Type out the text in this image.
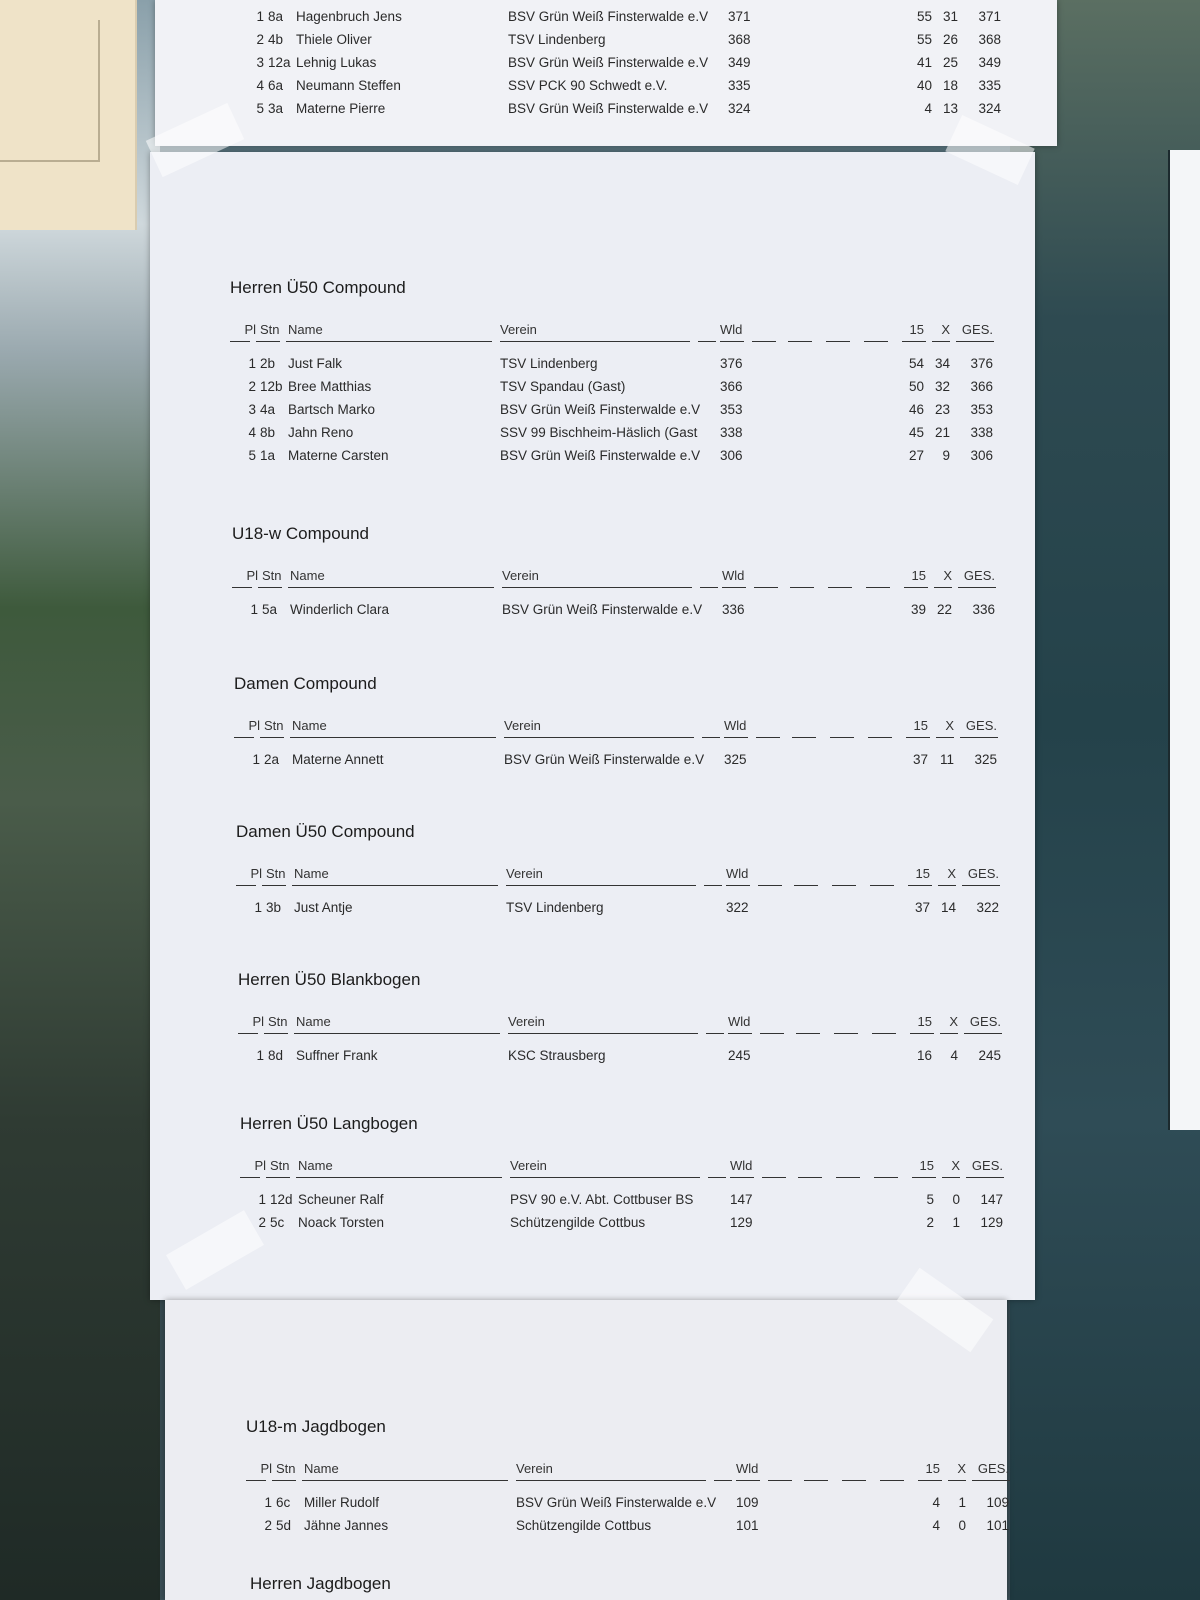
1 8a Hagenbruch Jens	BSV Grün Weiß Finsterwalde e.V 371	55 31	371
2 4b Thiele Oliver	TSV Lindenberg	368	55 26	368
3 12a Lehnig Lukas	BSV Grün Weiß Finsterwalde e.V 349	41 25	349
4 6a Neumann Steffen	SSV PCK 90 Schwedt e.V.	335	40 18	335
5 3a Materne Pierre	BSV Grün Weiß Finsterwalde e.V 324	4 13	324
Herren Ü50 Compound
Pl Stn Name	Verein	Wld	15	X GES.
1 2b Just Falk	TSV Lindenberg	376	54 34	376
2 12b Bree Matthias	TSV Spandau (Gast)	366	50 32	366
3 4a Bartsch Marko	BSV Grün Weiß Finsterwalde e.V 353	46 23	353
4 8b Jahn Reno	SSV 99 Bischheim-Häslich (Gast 338	45 21	338
5 1a Materne Carsten	BSV Grün Weiß Finsterwalde e.V 306	27	9	306
U18-w Compound
Pl Stn Name	Verein	Wld	15	X GES.
1 5a Winderlich Clara	BSV Grün Weiß Finsterwalde e.V 336	39 22	336
Damen Compound
Pl Stn Name	Verein	Wld	15	X GES.
1 2a Materne Annett	BSV Grün Weiß Finsterwalde e.V 325	37 11	325
Damen Ü50 Compound
Pl Stn Name	Verein	Wld	15	X GES.
1 3b Just Antje	TSV Lindenberg	322	37 14	322
Herren Ü50 Blankbogen
Pl Stn Name	Verein	Wld	15	X GES.
1 8d Suffner Frank	KSC Strausberg	245	16	4	245
Herren Ü50 Langbogen
Pl Stn Name	Verein	Wld	15	X GES.
1 12d Scheuner Ralf	PSV 90 e.V. Abt. Cottbuser BS	147	5	0	147
2 5c Noack Torsten	Schützengilde Cottbus	129	2	1	129
U18-m Jagdbogen
Pl Stn Name	Verein	Wld	15	X GES.
1 6c Miller Rudolf	BSV Grün Weiß Finsterwalde e.V 109	4	1	109
2 5d Jähne Jannes	Schützengilde Cottbus	101	4	0	101
Herren Jagdbogen
